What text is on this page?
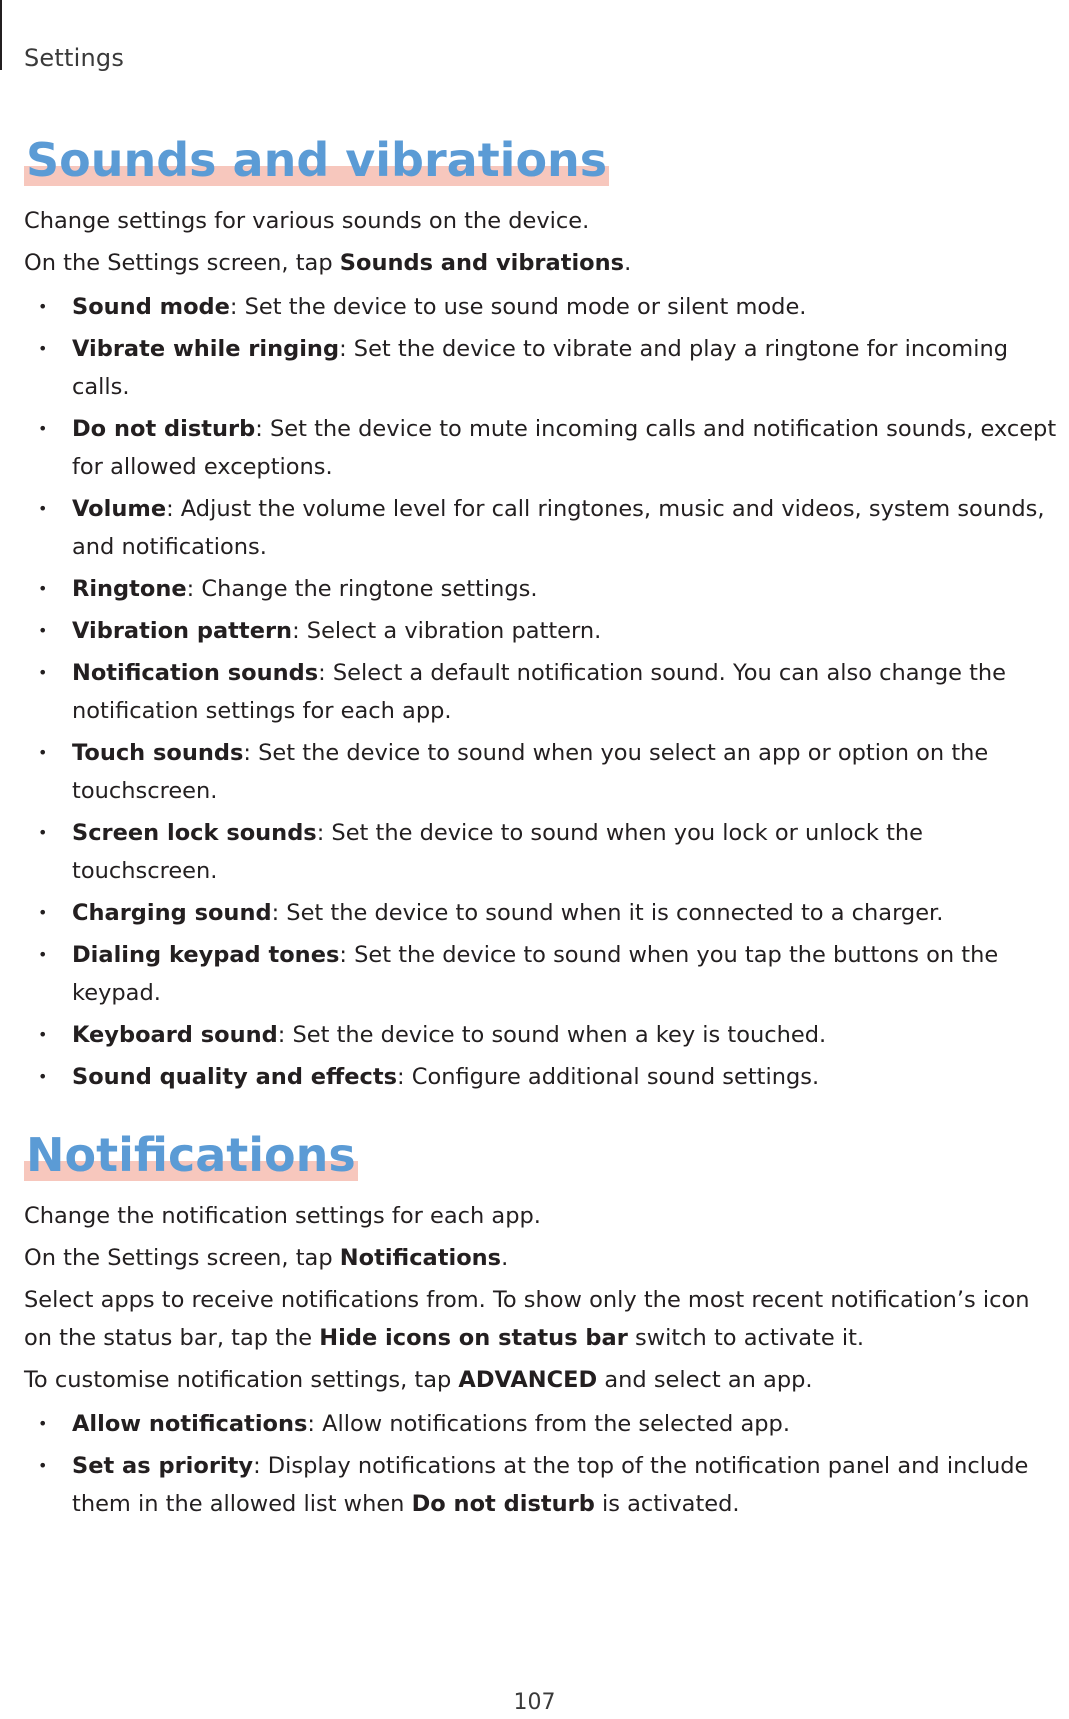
Settings
Sounds and vibrations

Change settings for various sounds on the device.

On the Settings screen, tap Sounds and vibrations.

• Sound mode: Set the device to use sound mode or silent mode.
• Vibrate while ringing: Set the device to vibrate and play a ringtone for incoming calls.
• Do not disturb: Set the device to mute incoming calls and notification sounds, except for allowed exceptions.
• Volume: Adjust the volume level for call ringtones, music and videos, system sounds, and notifications.
• Ringtone: Change the ringtone settings.
• Vibration pattern: Select a vibration pattern.
• Notification sounds: Select a default notification sound. You can also change the notification settings for each app.
• Touch sounds: Set the device to sound when you select an app or option on the touchscreen.
• Screen lock sounds: Set the device to sound when you lock or unlock the touchscreen.
• Charging sound: Set the device to sound when it is connected to a charger.
• Dialing keypad tones: Set the device to sound when you tap the buttons on the keypad.
• Keyboard sound: Set the device to sound when a key is touched.
• Sound quality and effects: Configure additional sound settings.
Notifications

Change the notification settings for each app.

On the Settings screen, tap Notifications.

Select apps to receive notifications from. To show only the most recent notification’s icon on the status bar, tap the Hide icons on status bar switch to activate it.

To customise notification settings, tap ADVANCED and select an app.

• Allow notifications: Allow notifications from the selected app.
• Set as priority: Display notifications at the top of the notification panel and include them in the allowed list when Do not disturb is activated.
107
